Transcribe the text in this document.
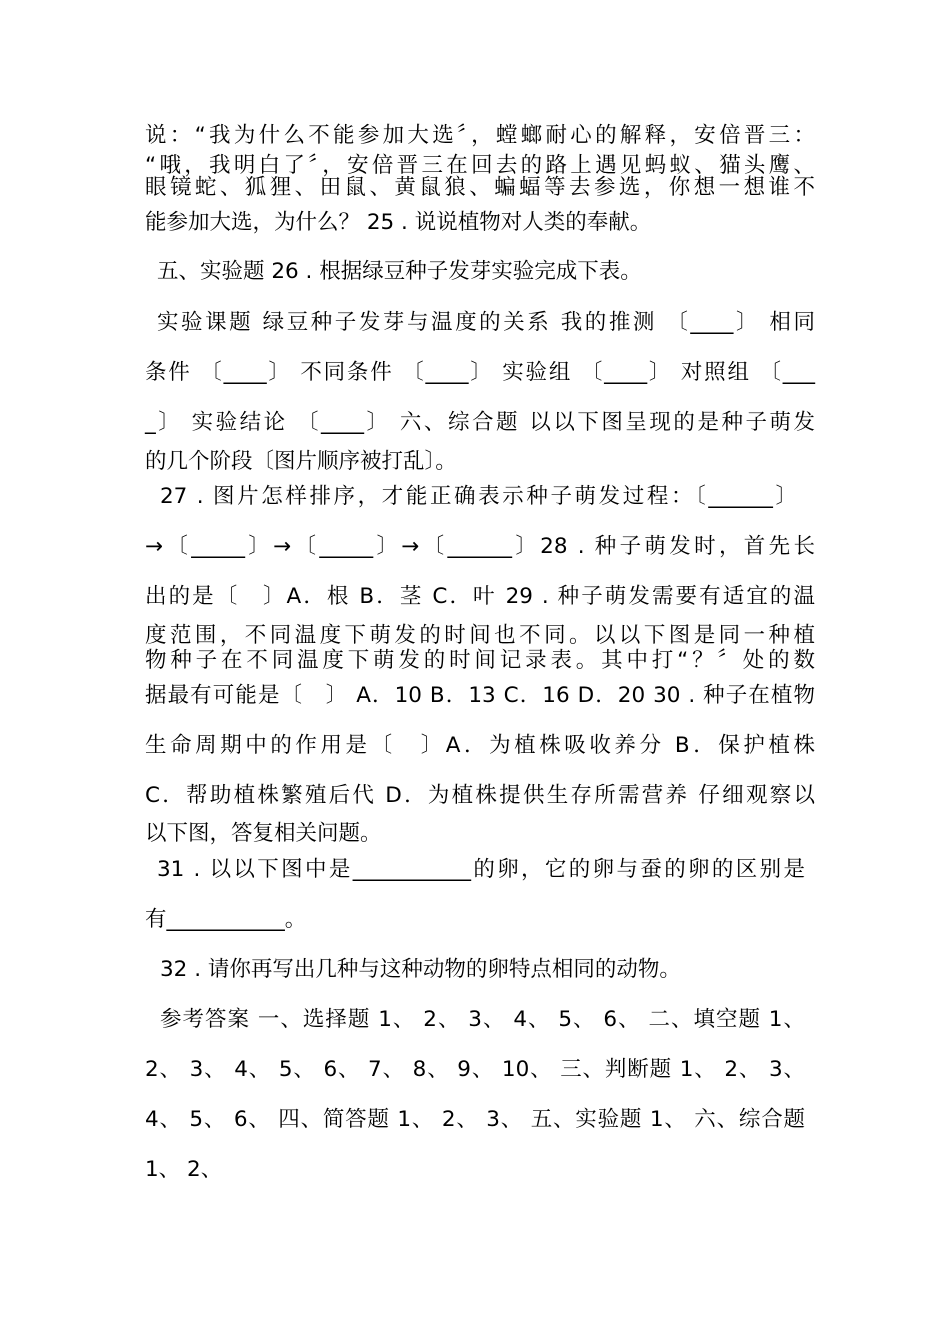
说：“我为什么不能参加大选〞，螳螂耐心的解释，安倍晋三：
“哦，我明白了〞，安倍晋三在回去的路上遇见蚂蚁、猫头鹰、
眼镜蛇、狐狸、田鼠、黄鼠狼、蝙蝠等去参选，你想一想谁不
能参加大选，为什么？ 25 . 说说植物对人类的奉献。
五、实验题 26 . 根据绿豆种子发芽实验完成下表。
实验课题 绿豆种子发芽与温度的关系 我的推测 〔____〕 相同
条件 〔____〕 不同条件 〔____〕 实验组 〔____〕 对照组 〔___
_〕 实验结论 〔____〕 六、综合题 以以下图呈现的是种子萌发
的几个阶段〔图片顺序被打乱〕。
27 . 图片怎样排序，才能正确表示种子萌发过程：〔______〕
→〔_____〕→〔_____〕→〔______〕28 . 种子萌发时，首先长
出的是〔　〕A．根 B．茎 C．叶 29 . 种子萌发需要有适宜的温
度范围，不同温度下萌发的时间也不同。以以下图是同一种植
物种子在不同温度下萌发的时间记录表。其中打“？〞处的数
据最有可能是〔　〕 A．10 B．13 C．16 D．20 30 . 种子在植物
生命周期中的作用是〔　〕A．为植株吸收养分 B．保护植株
C．帮助植株繁殖后代 D．为植株提供生存所需营养 仔细观察以
以下图，答复相关问题。
31 . 以以下图中是___________的卵，它的卵与蚕的卵的区别是
有___________。
32 . 请你再写出几种与这种动物的卵特点相同的动物。
参考答案 一、选择题 1、 2、 3、 4、 5、 6、 二、填空题 1、
2、 3、 4、 5、 6、 7、 8、 9、 10、 三、判断题 1、 2、 3、
4、 5、 6、 四、简答题 1、 2、 3、 五、实验题 1、 六、综合题
1、 2、
